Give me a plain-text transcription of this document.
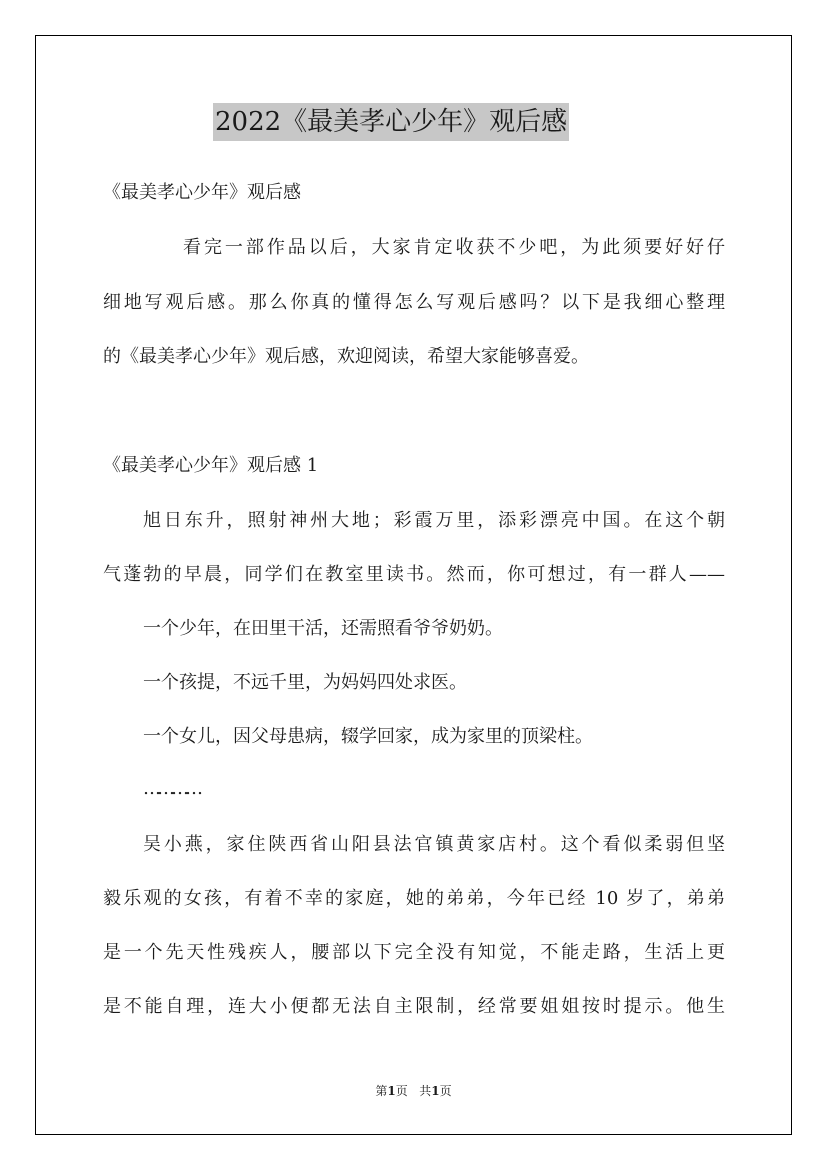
2022《最美孝心少年》观后感
《最美孝心少年》观后感
看完一部作品以后，大家肯定收获不少吧，为此须要好好仔
细地写观后感。那么你真的懂得怎么写观后感吗？以下是我细心整理
的《最美孝心少年》观后感，欢迎阅读，希望大家能够喜爱。
《最美孝心少年》观后感 1
旭日东升，照射神州大地；彩霞万里，添彩漂亮中国。在这个朝
气蓬勃的早晨，同学们在教室里读书。然而，你可想过，有一群人——
一个少年，在田里干活，还需照看爷爷奶奶。
一个孩提，不远千里，为妈妈四处求医。
一个女儿，因父母患病，辍学回家，成为家里的顶梁柱。
…………
吴小燕，家住陕西省山阳县法官镇黄家店村。这个看似柔弱但坚
毅乐观的女孩，有着不幸的家庭，她的弟弟，今年已经 10 岁了，弟弟
是一个先天性残疾人，腰部以下完全没有知觉，不能走路，生活上更
是不能自理，连大小便都无法自主限制，经常要姐姐按时提示。他生
第1页 共1页
